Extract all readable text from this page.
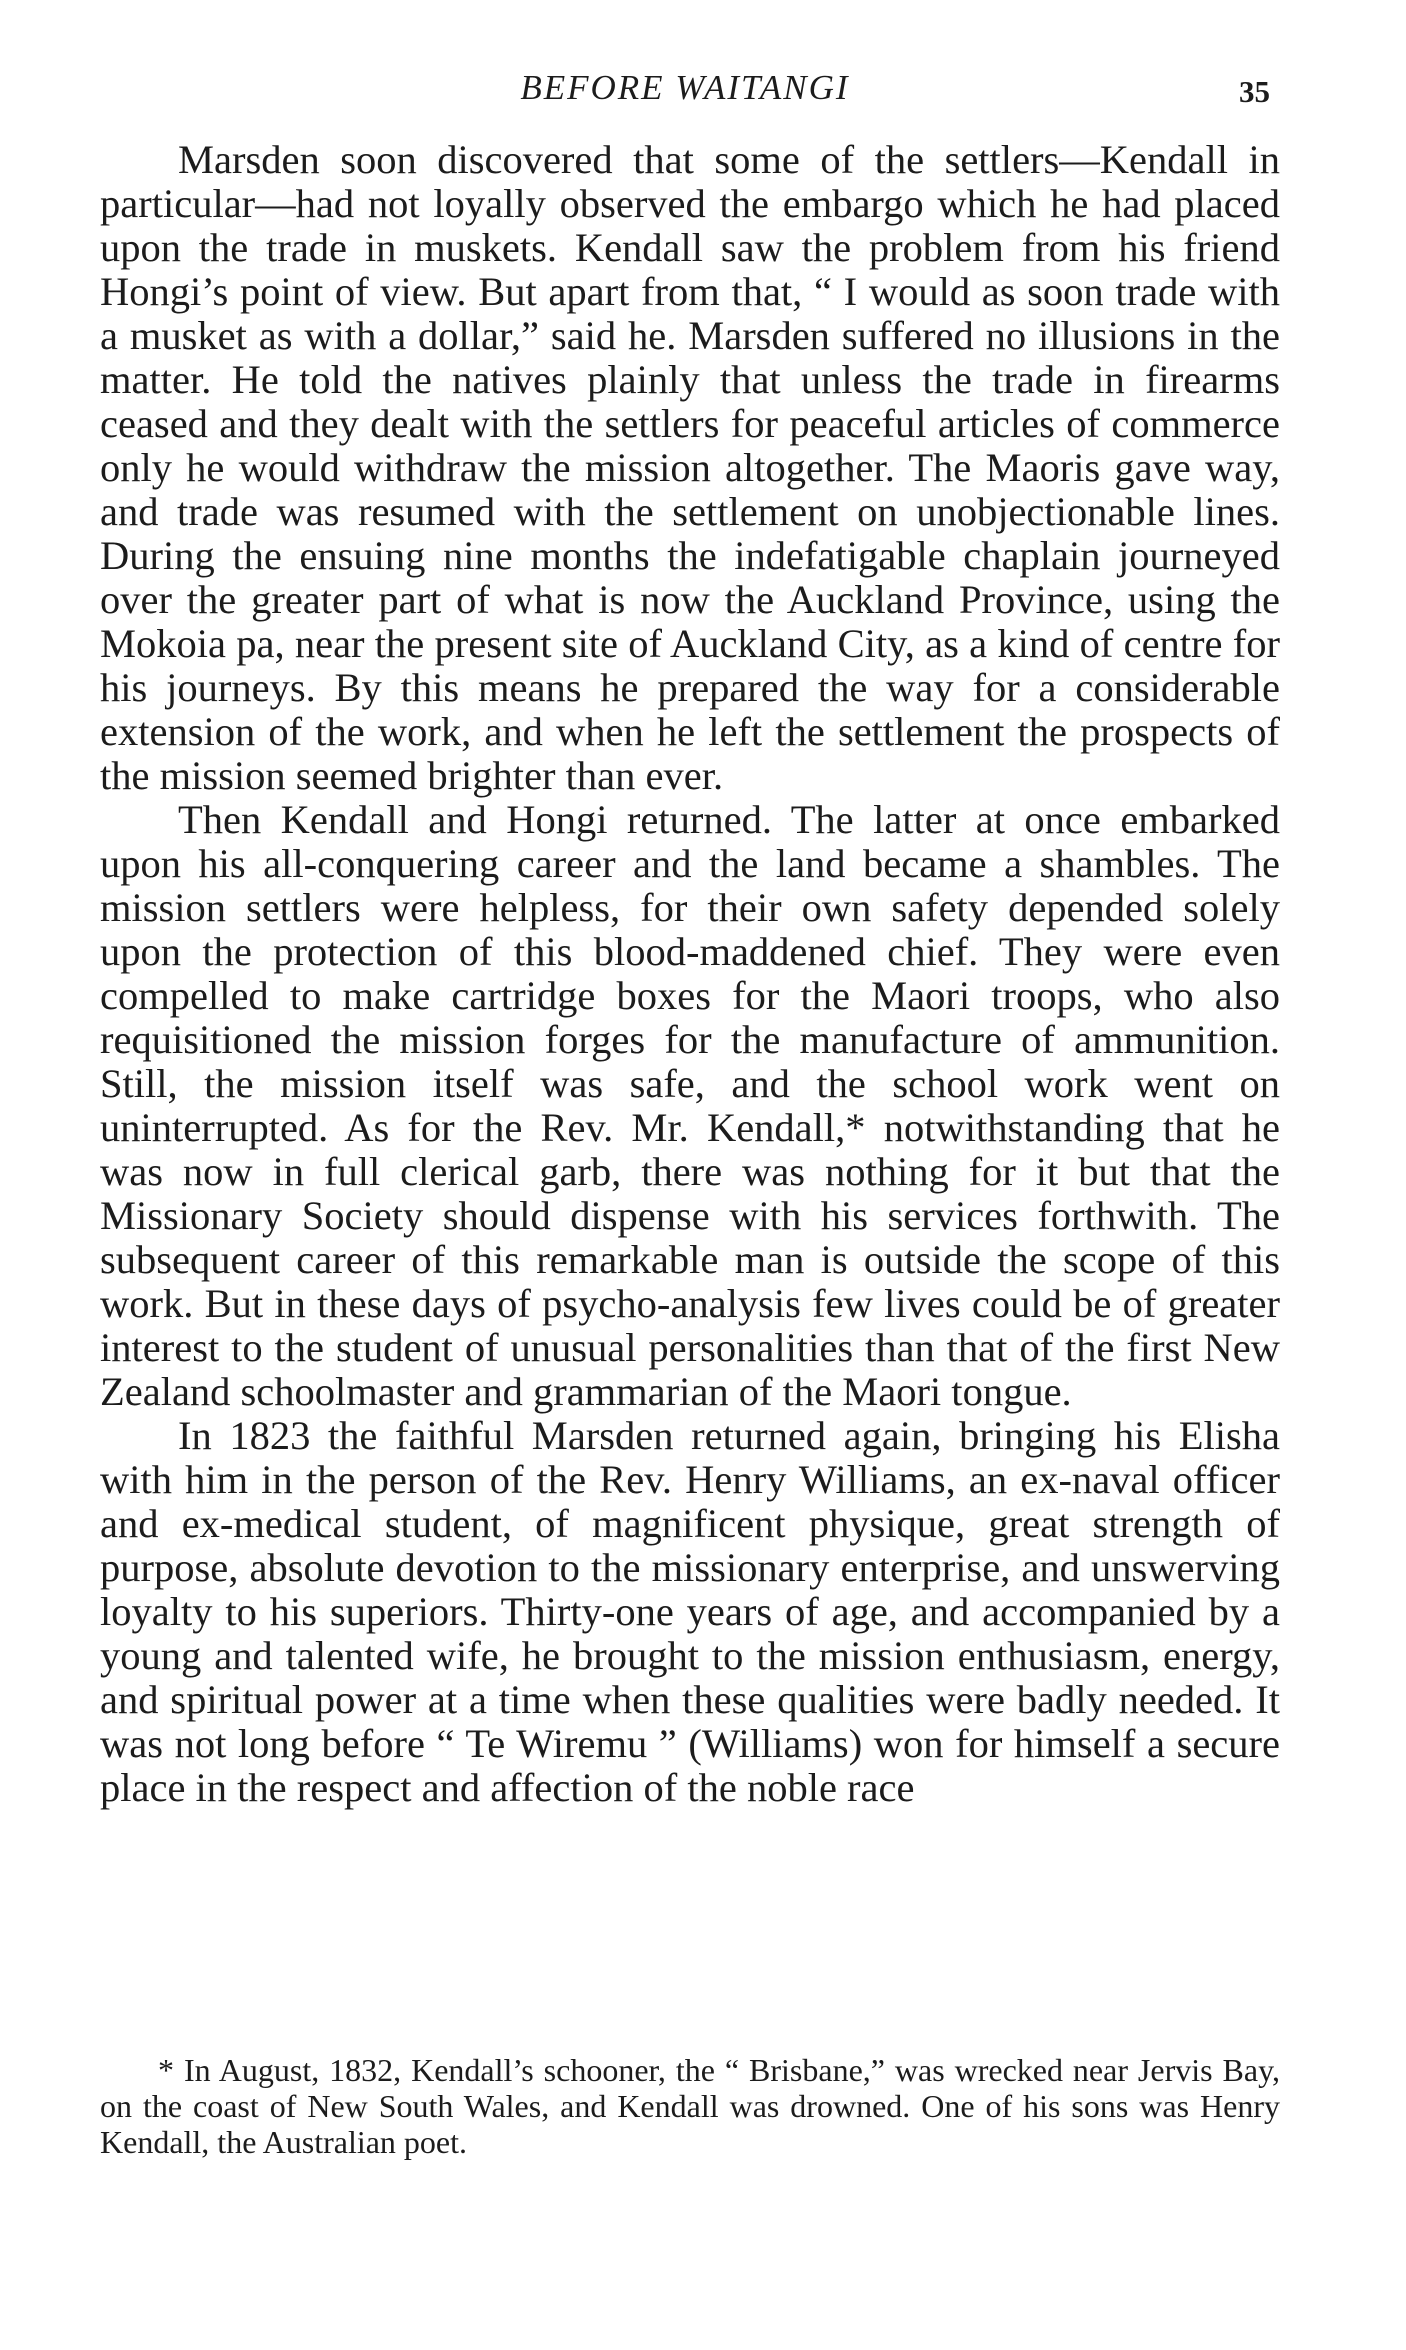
BEFORE WAITANGI	35

Marsden soon discovered that some of the settlers—Kendall in particular—had not loyally observed the embargo which he had placed upon the trade in muskets. Kendall saw the problem from his friend Hongi’s point of view. But apart from that, “ I would as soon trade with a musket as with a dollar,” said he. Marsden suffered no illusions in the matter. He told the natives plainly that unless the trade in firearms ceased and they dealt with the settlers for peaceful articles of commerce only he would withdraw the mission altogether. The Maoris gave way, and trade was resumed with the settlement on unobjectionable lines. During the ensuing nine months the indefatigable chaplain journeyed over the greater part of what is now the Auckland Province, using the Mokoia pa, near the present site of Auckland City, as a kind of centre for his journeys. By this means he prepared the way for a considerable extension of the work, and when he left the settlement the prospects of the mission seemed brighter than ever.

Then Kendall and Hongi returned. The latter at once embarked upon his all-conquering career and the land became a shambles. The mission settlers were helpless, for their own safety depended solely upon the protection of this blood-maddened chief. They were even compelled to make cartridge boxes for the Maori troops, who also requisitioned the mission forges for the manufacture of ammunition. Still, the mission itself was safe, and the school work went on uninterrupted. As for the Rev. Mr. Kendall,* notwithstanding that he was now in full clerical garb, there was nothing for it but that the Missionary Society should dispense with his services forthwith. The subsequent career of this remarkable man is outside the scope of this work. But in these days of psycho-analysis few lives could be of greater interest to the student of unusual personalities than that of the first New Zealand schoolmaster and grammarian of the Maori tongue.

In 1823 the faithful Marsden returned again, bringing his Elisha with him in the person of the Rev. Henry Williams, an ex-naval officer and ex-medical student, of magnificent physique, great strength of purpose, absolute devotion to the missionary enterprise, and unswerving loyalty to his superiors. Thirty-one years of age, and accompanied by a young and talented wife, he brought to the mission enthusiasm, energy, and spiritual power at a time when these qualities were badly needed. It was not long before “ Te Wiremu ” (Williams) won for himself a secure place in the respect and affection of the noble race

* In August, 1832, Kendall’s schooner, the “ Brisbane,” was wrecked near Jervis Bay, on the coast of New South Wales, and Kendall was drowned. One of his sons was Henry Kendall, the Australian poet.
